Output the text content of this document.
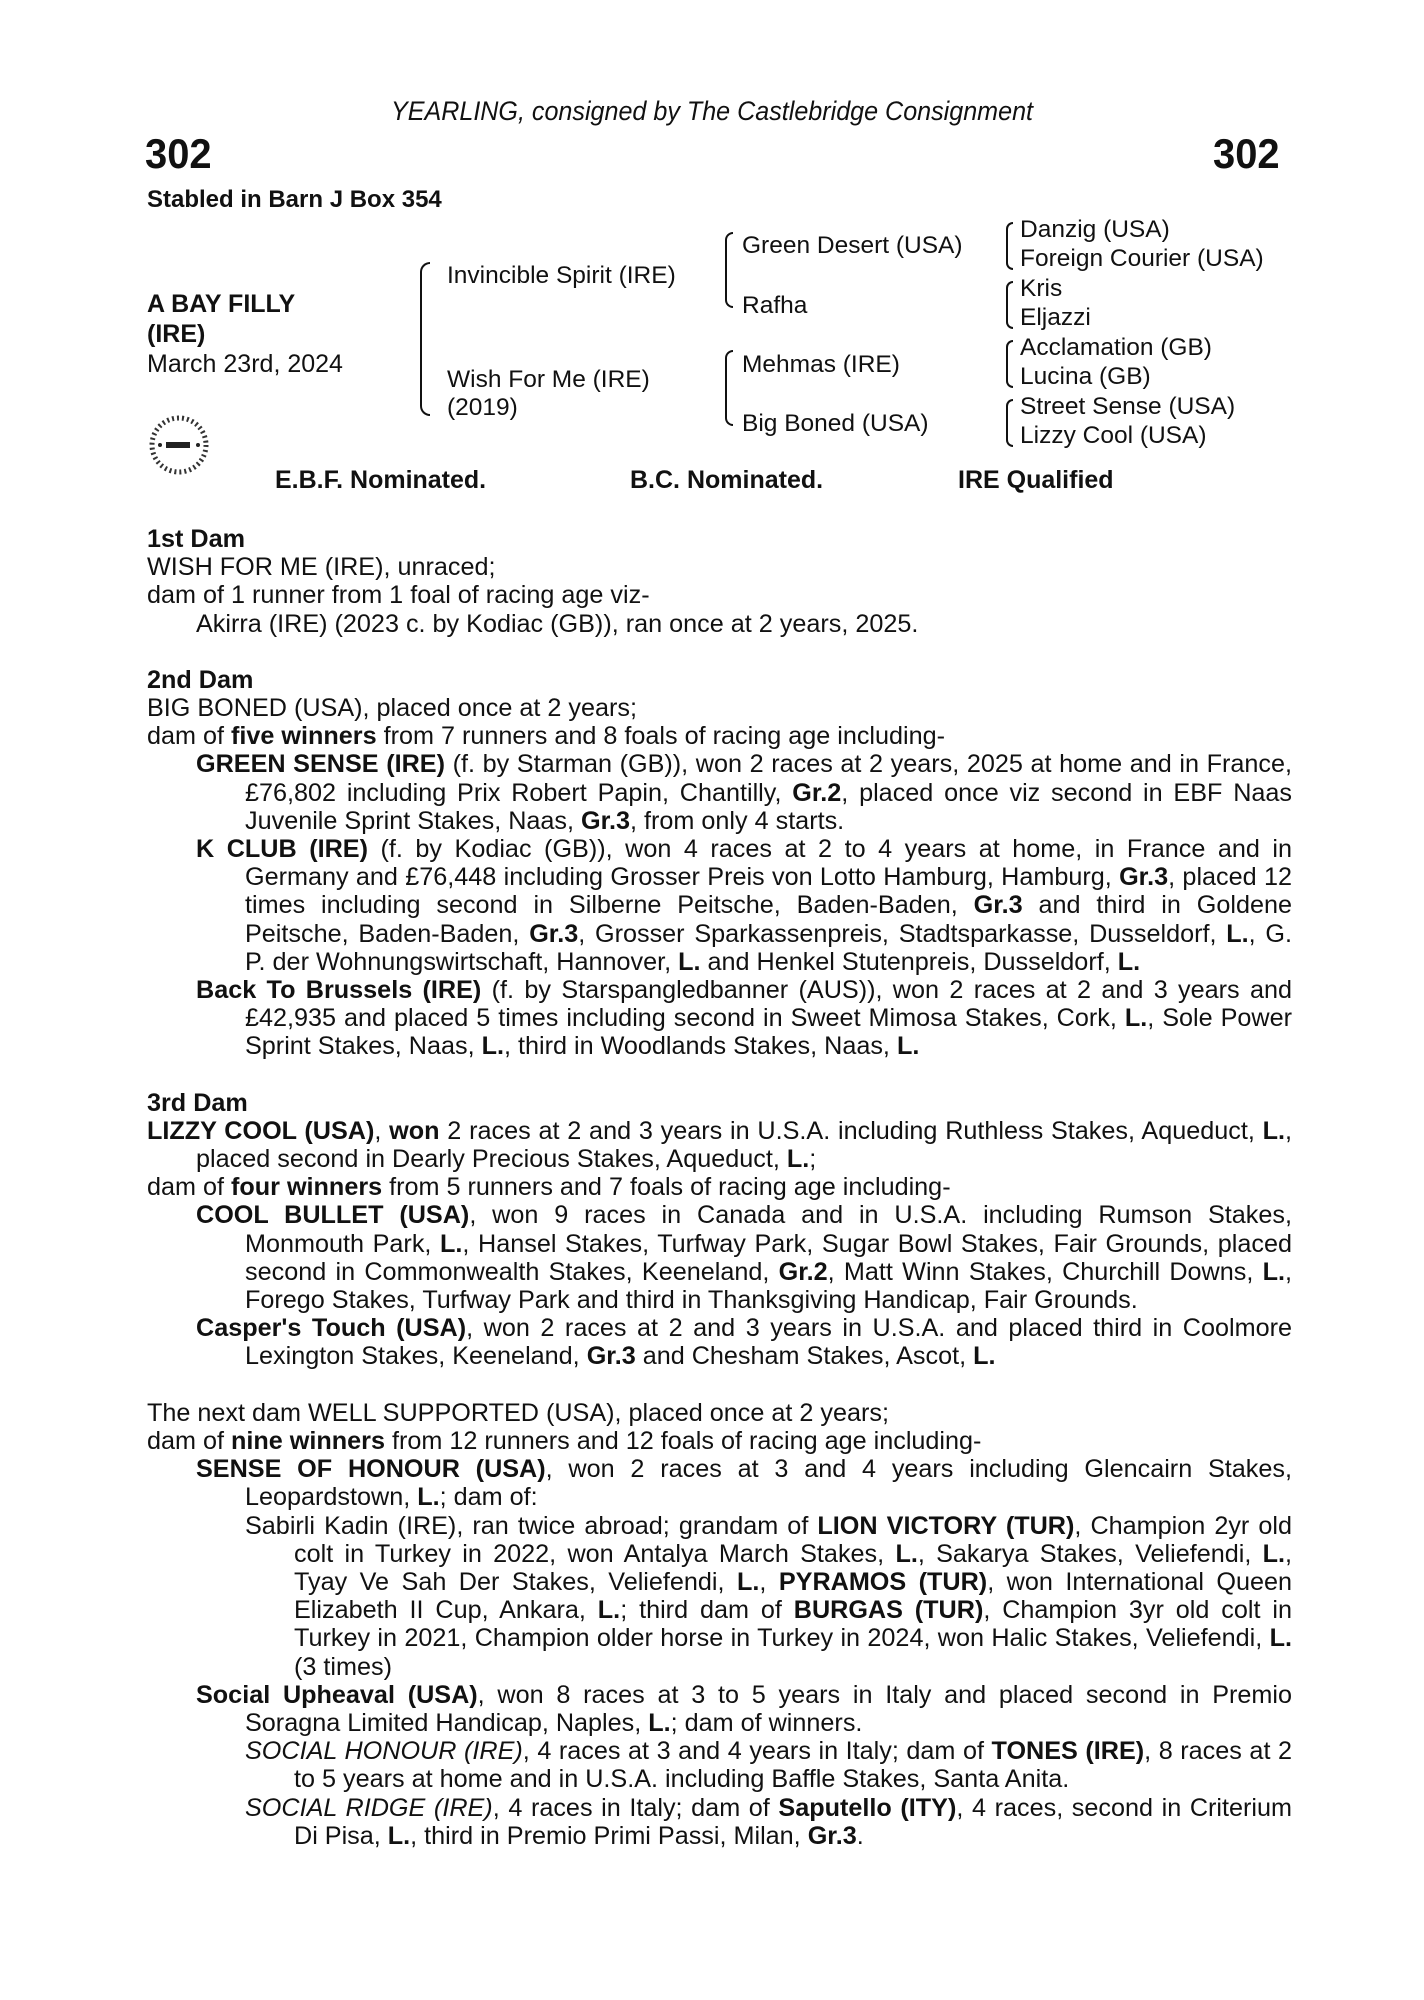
YEARLING, consigned by The Castlebridge Consignment
302	302
Stabled in Barn J Box 354
A BAY FILLY
(IRE)
March 23rd, 2024
Invincible Spirit (IRE)
Wish For Me (IRE)
(2019)
Green Desert (USA)
Rafha
Mehmas (IRE)
Big Boned (USA)
Danzig (USA)
Foreign Courier (USA)
Kris
Eljazzi
Acclamation (GB)
Lucina (GB)
Street Sense (USA)
Lizzy Cool (USA)
E.B.F. Nominated.	B.C. Nominated.	IRE Qualified
1st Dam
WISH FOR ME (IRE), unraced;
dam of 1 runner from 1 foal of racing age viz-
Akirra (IRE) (2023 c. by Kodiac (GB)), ran once at 2 years, 2025.
2nd Dam
BIG BONED (USA), placed once at 2 years;
dam of five winners from 7 runners and 8 foals of racing age including-
GREEN SENSE (IRE) (f. by Starman (GB)), won 2 races at 2 years, 2025 at home and in France, £76,802 including Prix Robert Papin, Chantilly, Gr.2, placed once viz second in EBF Naas Juvenile Sprint Stakes, Naas, Gr.3, from only 4 starts.
K CLUB (IRE) (f. by Kodiac (GB)), won 4 races at 2 to 4 years at home, in France and in Germany and £76,448 including Grosser Preis von Lotto Hamburg, Hamburg, Gr.3, placed 12 times including second in Silberne Peitsche, Baden-Baden, Gr.3 and third in Goldene Peitsche, Baden-Baden, Gr.3, Grosser Sparkassenpreis, Stadtsparkasse, Dusseldorf, L., G. P. der Wohnungswirtschaft, Hannover, L. and Henkel Stutenpreis, Dusseldorf, L.
Back To Brussels (IRE) (f. by Starspangledbanner (AUS)), won 2 races at 2 and 3 years and £42,935 and placed 5 times including second in Sweet Mimosa Stakes, Cork, L., Sole Power Sprint Stakes, Naas, L., third in Woodlands Stakes, Naas, L.
3rd Dam
LIZZY COOL (USA), won 2 races at 2 and 3 years in U.S.A. including Ruthless Stakes, Aqueduct, L., placed second in Dearly Precious Stakes, Aqueduct, L.;
dam of four winners from 5 runners and 7 foals of racing age including-
COOL BULLET (USA), won 9 races in Canada and in U.S.A. including Rumson Stakes, Monmouth Park, L., Hansel Stakes, Turfway Park, Sugar Bowl Stakes, Fair Grounds, placed second in Commonwealth Stakes, Keeneland, Gr.2, Matt Winn Stakes, Churchill Downs, L., Forego Stakes, Turfway Park and third in Thanksgiving Handicap, Fair Grounds.
Casper's Touch (USA), won 2 races at 2 and 3 years in U.S.A. and placed third in Coolmore Lexington Stakes, Keeneland, Gr.3 and Chesham Stakes, Ascot, L.
The next dam WELL SUPPORTED (USA), placed once at 2 years;
dam of nine winners from 12 runners and 12 foals of racing age including-
SENSE OF HONOUR (USA), won 2 races at 3 and 4 years including Glencairn Stakes, Leopardstown, L.; dam of:
Sabirli Kadin (IRE), ran twice abroad; grandam of LION VICTORY (TUR), Champion 2yr old colt in Turkey in 2022, won Antalya March Stakes, L., Sakarya Stakes, Veliefendi, L., Tyay Ve Sah Der Stakes, Veliefendi, L., PYRAMOS (TUR), won International Queen Elizabeth II Cup, Ankara, L.; third dam of BURGAS (TUR), Champion 3yr old colt in Turkey in 2021, Champion older horse in Turkey in 2024, won Halic Stakes, Veliefendi, L. (3 times)
Social Upheaval (USA), won 8 races at 3 to 5 years in Italy and placed second in Premio Soragna Limited Handicap, Naples, L.; dam of winners.
SOCIAL HONOUR (IRE), 4 races at 3 and 4 years in Italy; dam of TONES (IRE), 8 races at 2 to 5 years at home and in U.S.A. including Baffle Stakes, Santa Anita.
SOCIAL RIDGE (IRE), 4 races in Italy; dam of Saputello (ITY), 4 races, second in Criterium Di Pisa, L., third in Premio Primi Passi, Milan, Gr.3.
